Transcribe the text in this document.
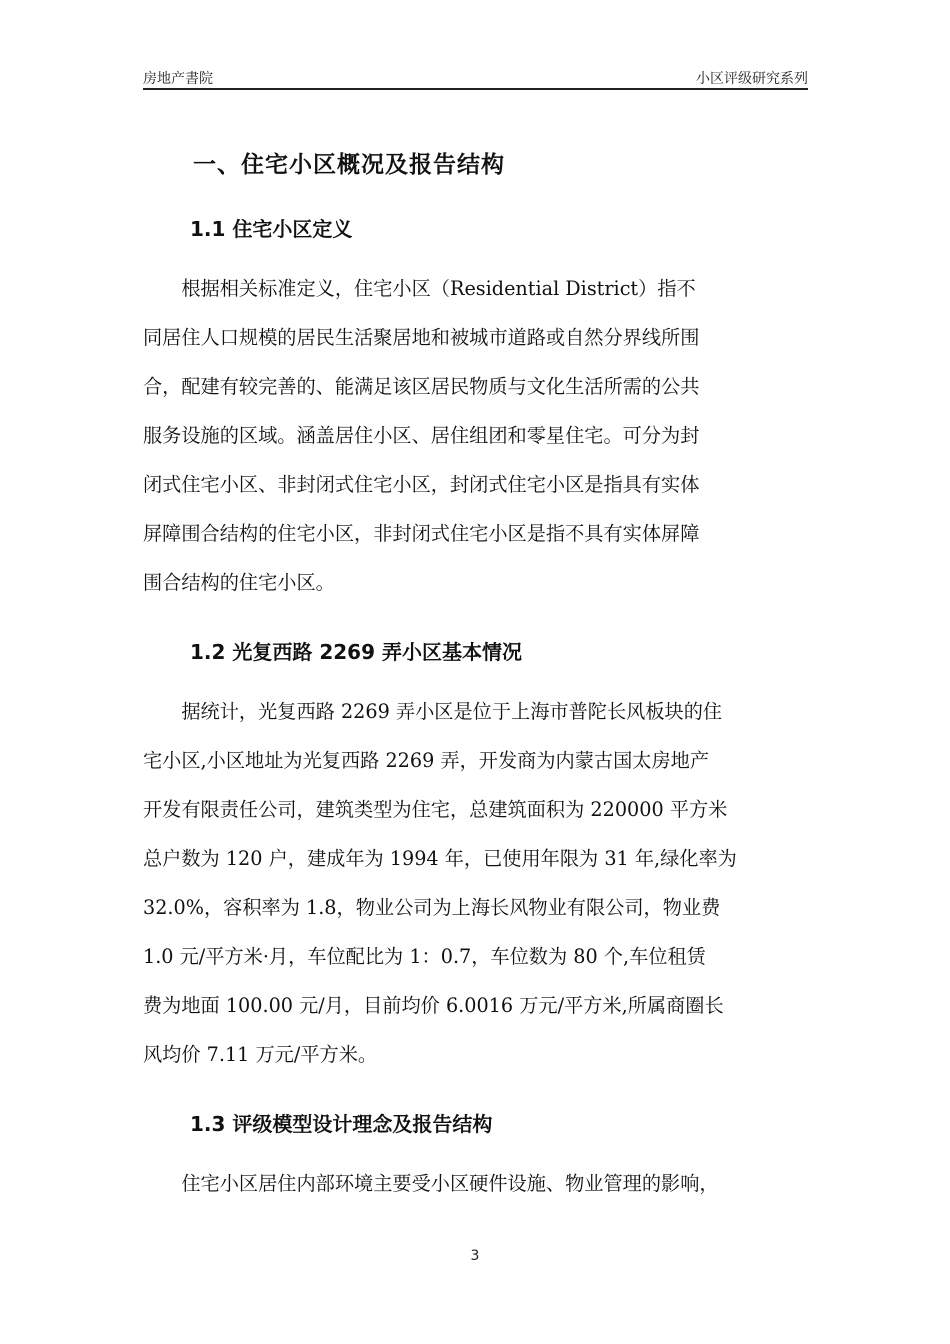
房地产書院	小区评级研究系列
一、住宅小区概况及报告结构
1.1 住宅小区定义
　　根据相关标准定义，住宅小区（Residential District）指不
同居住人口规模的居民生活聚居地和被城市道路或自然分界线所围
合，配建有较完善的、能满足该区居民物质与文化生活所需的公共
服务设施的区域。涵盖居住小区、居住组团和零星住宅。可分为封
闭式住宅小区、非封闭式住宅小区，封闭式住宅小区是指具有实体
屏障围合结构的住宅小区，非封闭式住宅小区是指不具有实体屏障
围合结构的住宅小区。
1.2 光复西路 2269 弄小区基本情况
　　据统计，光复西路 2269 弄小区是位于上海市普陀长风板块的住
宅小区,小区地址为光复西路 2269 弄，开发商为内蒙古国太房地产
开发有限责任公司，建筑类型为住宅，总建筑面积为 220000 平方米
总户数为 120 户，建成年为 1994 年，已使用年限为 31 年,绿化率为
32.0%，容积率为 1.8，物业公司为上海长风物业有限公司，物业费
1.0 元/平方米·月，车位配比为 1：0.7，车位数为 80 个,车位租赁
费为地面 100.00 元/月，目前均价 6.0016 万元/平方米,所属商圈长
风均价 7.11 万元/平方米。
1.3 评级模型设计理念及报告结构
　　住宅小区居住内部环境主要受小区硬件设施、物业管理的影响，
3
